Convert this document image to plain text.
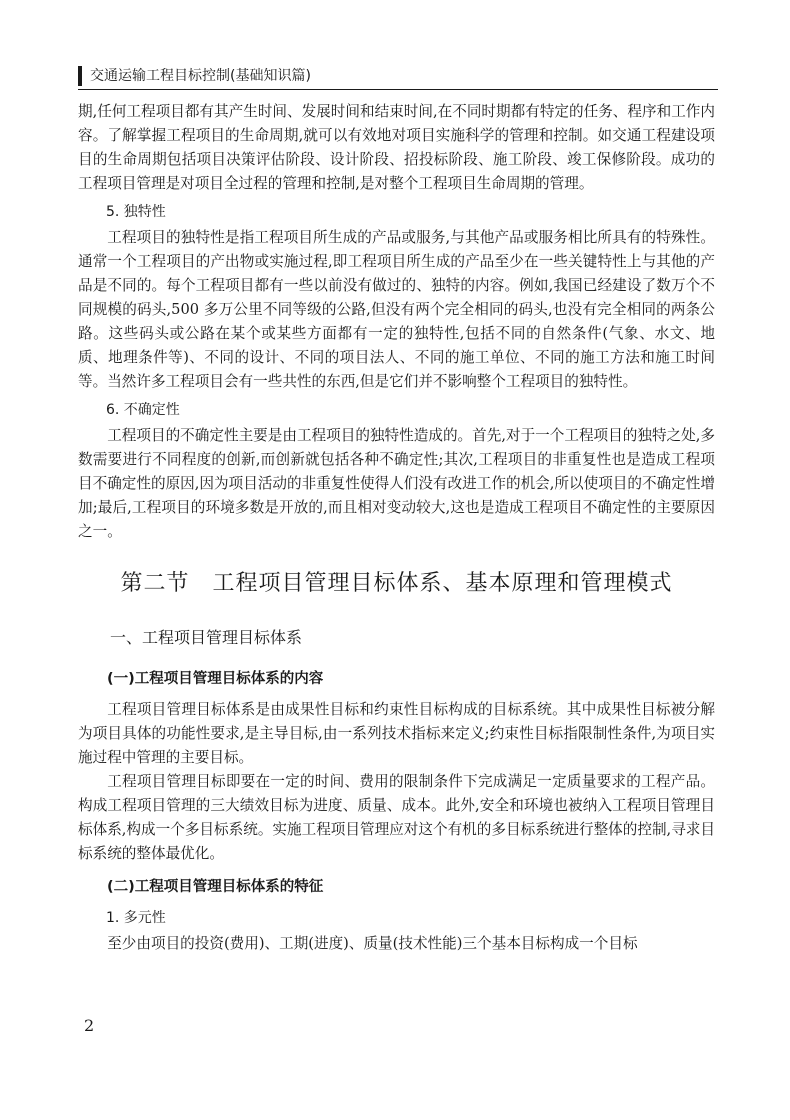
交通运输工程目标控制(基础知识篇)

期,任何工程项目都有其产生时间、发展时间和结束时间,在不同时期都有特定的任务、程序和工作内容。了解掌握工程项目的生命周期,就可以有效地对项目实施科学的管理和控制。如交通工程建设项目的生命周期包括项目决策评估阶段、设计阶段、招投标阶段、施工阶段、竣工保修阶段。成功的工程项目管理是对项目全过程的管理和控制,是对整个工程项目生命周期的管理。

5. 独特性

工程项目的独特性是指工程项目所生成的产品或服务,与其他产品或服务相比所具有的特殊性。通常一个工程项目的产出物或实施过程,即工程项目所生成的产品至少在一些关键特性上与其他的产品是不同的。每个工程项目都有一些以前没有做过的、独特的内容。例如,我国已经建设了数万个不同规模的码头,500 多万公里不同等级的公路,但没有两个完全相同的码头,也没有完全相同的两条公路。这些码头或公路在某个或某些方面都有一定的独特性,包括不同的自然条件(气象、水文、地质、地理条件等)、不同的设计、不同的项目法人、不同的施工单位、不同的施工方法和施工时间等。当然许多工程项目会有一些共性的东西,但是它们并不影响整个工程项目的独特性。

6. 不确定性

工程项目的不确定性主要是由工程项目的独特性造成的。首先,对于一个工程项目的独特之处,多数需要进行不同程度的创新,而创新就包括各种不确定性;其次,工程项目的非重复性也是造成工程项目不确定性的原因,因为项目活动的非重复性使得人们没有改进工作的机会,所以使项目的不确定性增加;最后,工程项目的环境多数是开放的,而且相对变动较大,这也是造成工程项目不确定性的主要原因之一。

第二节　工程项目管理目标体系、基本原理和管理模式
一、工程项目管理目标体系
(一)工程项目管理目标体系的内容

工程项目管理目标体系是由成果性目标和约束性目标构成的目标系统。其中成果性目标被分解为项目具体的功能性要求,是主导目标,由一系列技术指标来定义;约束性目标指限制性条件,为项目实施过程中管理的主要目标。

工程项目管理目标即要在一定的时间、费用的限制条件下完成满足一定质量要求的工程产品。构成工程项目管理的三大绩效目标为进度、质量、成本。此外,安全和环境也被纳入工程项目管理目标体系,构成一个多目标系统。实施工程项目管理应对这个有机的多目标系统进行整体的控制,寻求目标系统的整体最优化。

(二)工程项目管理目标体系的特征
1. 多元性

至少由项目的投资(费用)、工期(进度)、质量(技术性能)三个基本目标构成一个目标

2
